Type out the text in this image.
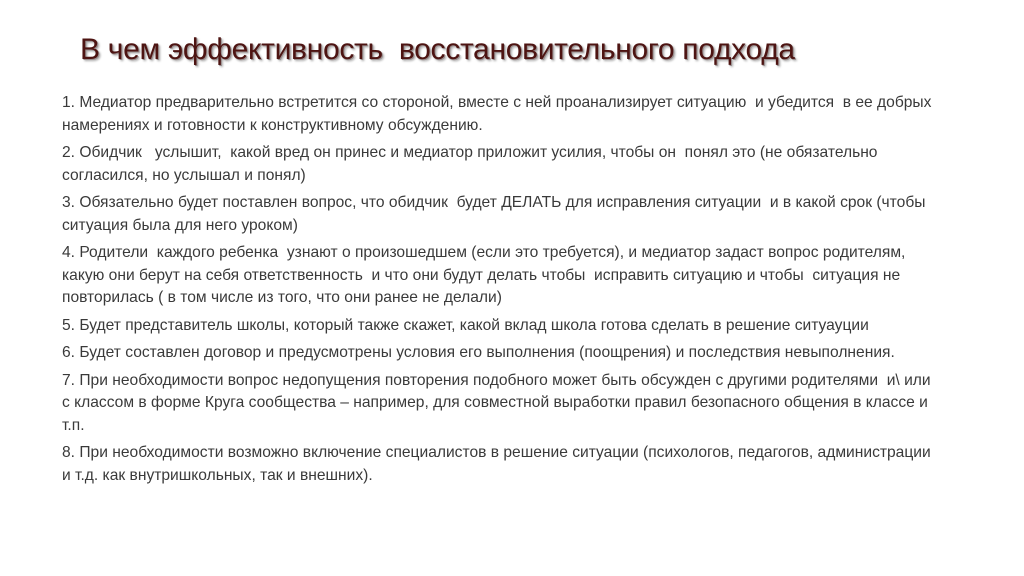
В чем эффективность  восстановительного подхода

1. Медиатор предварительно встретится со стороной, вместе с ней проанализирует ситуацию  и убедится  в ее добрых намерениях и готовности к конструктивному обсуждению.

2. Обидчик   услышит,  какой вред он принес и медиатор приложит усилия, чтобы он  понял это (не обязательно согласился, но услышал и понял)

3. Обязательно будет поставлен вопрос, что обидчик  будет ДЕЛАТЬ для исправления ситуации  и в какой срок (чтобы ситуация была для него уроком)

4. Родители  каждого ребенка  узнают о произошедшем (если это требуется), и медиатор задаст вопрос родителям, какую они берут на себя ответственность  и что они будут делать чтобы  исправить ситуацию и чтобы  ситуация не повторилась ( в том числе из того, что они ранее не делали)

5. Будет представитель школы, который также скажет, какой вклад школа готова сделать в решение ситуауции

6. Будет составлен договор и предусмотрены условия его выполнения (поощрения) и последствия невыполнения.

7. При необходимости вопрос недопущения повторения подобного может быть обсужден с другими родителями  и\ или с классом в форме Круга сообщества – например, для совместной выработки правил безопасного общения в классе и т.п.

8. При необходимости возможно включение специалистов в решение ситуации (психологов, педагогов, администрации и т.д. как внутришкольных, так и внешних).
